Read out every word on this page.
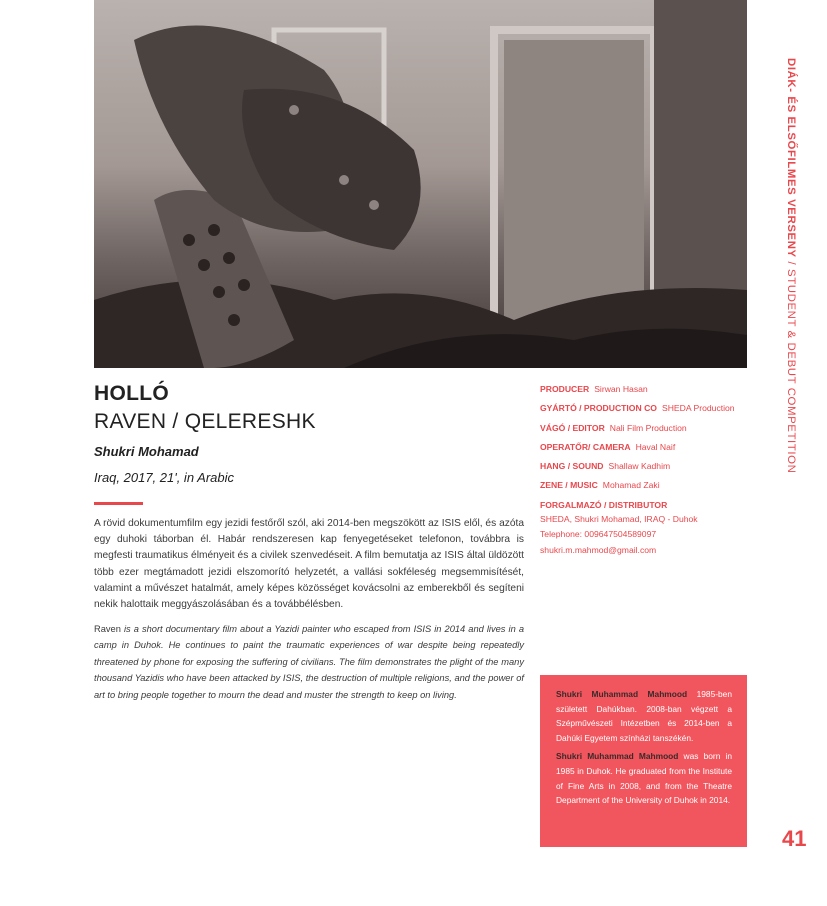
HOLLÓ
RAVEN / QELERESHK
Shukri Mohamad
Iraq, 2017, 21', in Arabic

A rövid dokumentumfilm egy jezidi festőről szól, aki 2014-ben megszökött az ISIS elől, és azóta egy duhoki táborban él. Habár rendszeresen kap fenyegetéseket telefonon, továbbra is megfesti traumatikus élményeit és a civilek szenvedéseit. A film bemutatja az ISIS által üldözött több ezer megtámadott jezidi elszomorító helyzetét, a vallási sokféleség megsemmisítését, valamint a művészet hatalmát, amely képes közösséget kovácsolni az emberekből és segíteni nekik halottaik meggyászolásában és a továbbélésben.

Raven is a short documentary film about a Yazidi painter who escaped from ISIS in 2014 and lives in a camp in Duhok. He continues to paint the traumatic experiences of war despite being repeatedly threatened by phone for exposing the suffering of civilians. The film demonstrates the plight of the many thousand Yazidis who have been attacked by ISIS, the destruction of multiple religions, and the power of art to bring people together to mourn the dead and muster the strength to keep on living.

PRODUCER Sirwan Hasan
GYÁRTÓ / PRODUCTION CO SHEDA Production
VÁGÓ / EDITOR Nali Film Production
OPERATŐR/ CAMERA Haval Naif
HANG / SOUND Shallaw Kadhim
ZENE / MUSIC Mohamad Zaki
FORGALMAZÓ / DISTRIBUTOR
SHEDA, Shukri Mohamad, IRAQ - Duhok
Telephone: 009647504589097
shukri.m.mahmod@gmail.com

Shukri Muhammad Mahmood 1985-ben született Dahúkban. 2008-ban végzett a Szépművészeti Intézetben és 2014-ben a Dahúki Egyetem színházi tanszékén.

Shukri Muhammad Mahmood was born in 1985 in Duhok. He graduated from the Institute of Fine Arts in 2008, and from the Theatre Department of the University of Duhok in 2014.

DIÁK- ÉS ELSŐFILMES VERSENY / STUDENT & DEBUT COMPETITION
41
